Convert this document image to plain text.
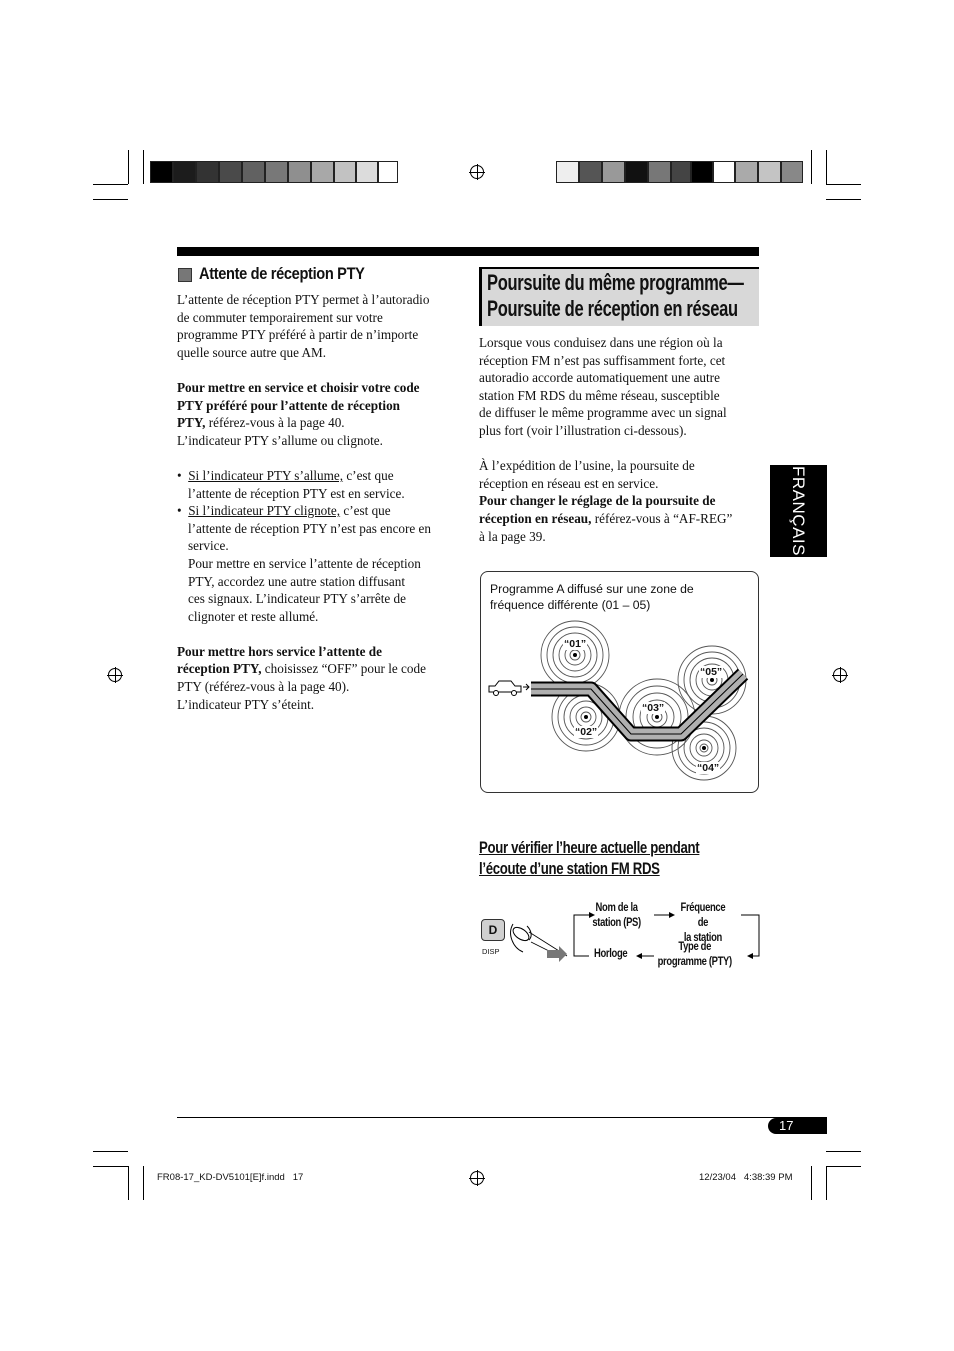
Attente de réception PTY

L’attente de réception PTY permet à l’autoradio

de commuter temporairement sur votre

programme PTY préféré à partir de n’importe

quelle source autre que AM.

Pour mettre en service et choisir votre code

PTY préféré pour l’attente de réception

PTY, référez-vous à la page 40.

L’indicateur PTY s’allume ou clignote.

•  Si l’indicateur PTY s’allume, c’est que

l’attente de réception PTY est en service.

•  Si l’indicateur PTY clignote, c’est que

l’attente de réception PTY n’est pas encore en

service.

Pour mettre en service l’attente de réception

PTY, accordez une autre station diffusant

ces signaux. L’indicateur PTY s’arrête de

clignoter et reste allumé.

Pour mettre hors service l’attente de

réception PTY, choisissez “OFF” pour le code

PTY (référez-vous à la page 40).

L’indicateur PTY s’éteint.

Poursuite du même programme—
Poursuite de réception en réseau

Lorsque vous conduisez dans une région où la

réception FM n’est pas suffisamment forte, cet

autoradio accorde automatiquement une autre

station FM RDS du même réseau, susceptible

de diffuser le même programme avec un signal

plus fort (voir l’illustration ci-dessous).

À l’expédition de l’usine, la poursuite de

réception en réseau est en service.

Pour changer le réglage de la poursuite de

réception en réseau, référez-vous à “AF-REG”

à la page 39.

Programme A diffusé sur une zone de
fréquence différente (01 – 05)
“01”
“02”
“03”
“04”
“05”
Pour vérifier l’heure actuelle pendant
l’écoute d’une station FM RDS
D
DISP
Nom de la
station (PS)
Fréquence de
la station
Horloge
Type de
programme (PTY)
FRANÇAIS
17
FR08-17_KD-DV5101[E]f.indd   17	12/23/04   4:38:39 PM
